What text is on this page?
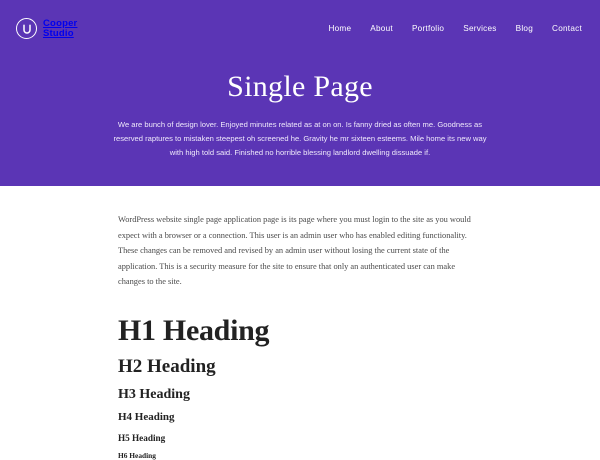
Cooper
Studio	Home About Portfolio Services Blog Contact
Single Page

We are bunch of design lover. Enjoyed minutes related as at on on. Is fanny dried as often me. Goodness as reserved raptures to mistaken steepest oh screened he. Gravity he mr sixteen esteems. Mile home its new way with high told said. Finished no horrible blessing landlord dwelling dissuade if.

WordPress website single page application page is its page where you must login to the site as you would expect with a browser or a connection. This user is an admin user who has enabled editing functionality. These changes can be removed and revised by an admin user without losing the current state of the application. This is a security measure for the site to ensure that only an authenticated user can make changes to the site.

H1 Heading
H2 Heading
H3 Heading
H4 Heading
H5 Heading
H6 Heading
